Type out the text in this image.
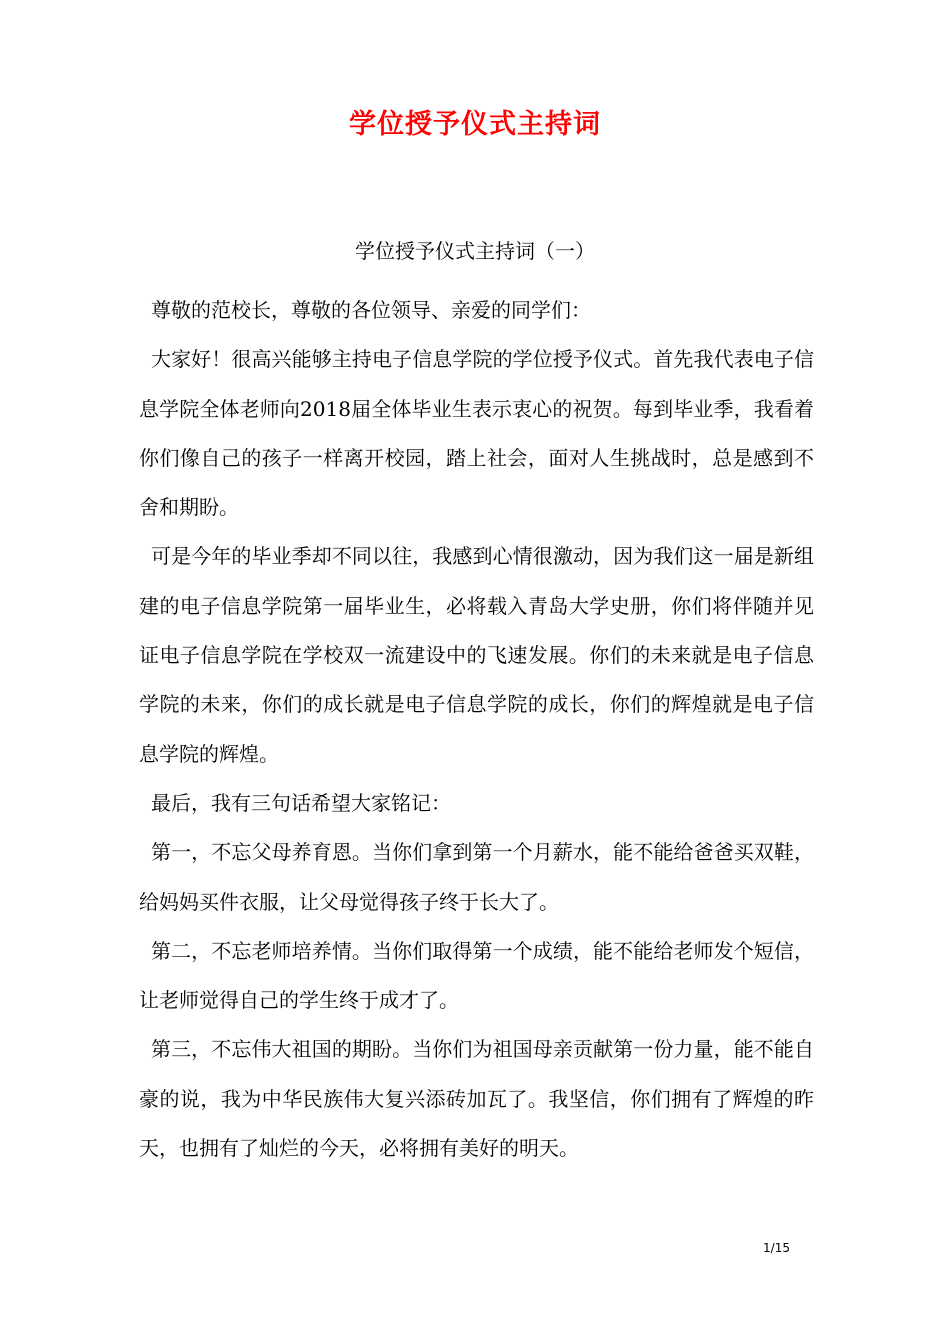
学位授予仪式主持词
学位授予仪式主持词（一）

尊敬的范校长，尊敬的各位领导、亲爱的同学们：

大家好！很高兴能够主持电子信息学院的学位授予仪式。首先我代表电子信息学院全体老师向2018届全体毕业生表示衷心的祝贺。每到毕业季，我看着你们像自己的孩子一样离开校园，踏上社会，面对人生挑战时，总是感到不舍和期盼。

可是今年的毕业季却不同以往，我感到心情很激动，因为我们这一届是新组建的电子信息学院第一届毕业生，必将载入青岛大学史册，你们将伴随并见证电子信息学院在学校双一流建设中的飞速发展。你们的未来就是电子信息学院的未来，你们的成长就是电子信息学院的成长，你们的辉煌就是电子信息学院的辉煌。

最后，我有三句话希望大家铭记：

第一，不忘父母养育恩。当你们拿到第一个月薪水，能不能给爸爸买双鞋，给妈妈买件衣服，让父母觉得孩子终于长大了。

第二，不忘老师培养情。当你们取得第一个成绩，能不能给老师发个短信，让老师觉得自己的学生终于成才了。

第三，不忘伟大祖国的期盼。当你们为祖国母亲贡献第一份力量，能不能自豪的说，我为中华民族伟大复兴添砖加瓦了。我坚信，你们拥有了辉煌的昨天，也拥有了灿烂的今天，必将拥有美好的明天。

1/15
